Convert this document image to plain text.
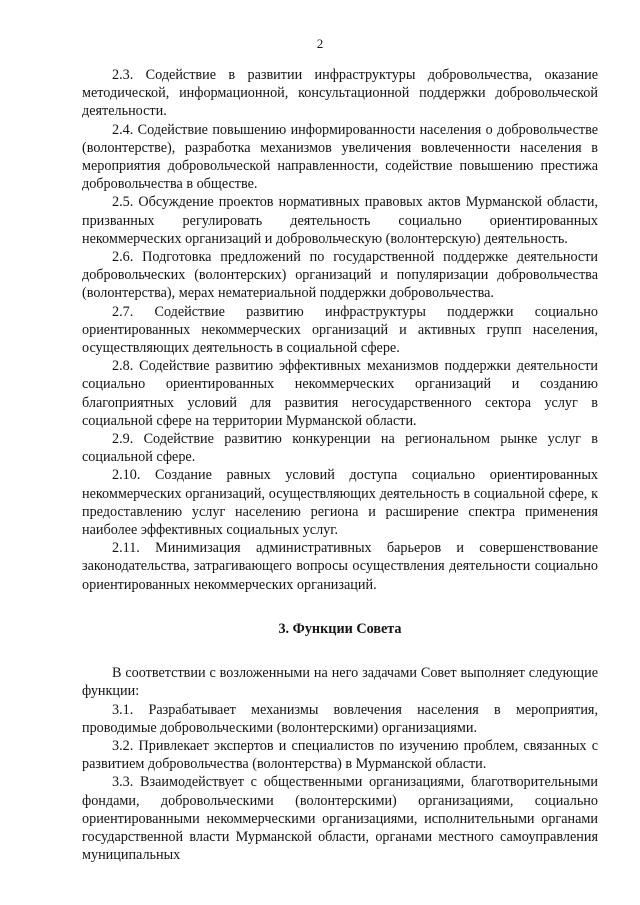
2

2.3. Содействие в развитии инфраструктуры добровольчества, оказание методической, информационной, консультационной поддержки добровольческой деятельности.

2.4. Содействие повышению информированности населения о добровольчестве (волонтерстве), разработка механизмов увеличения вовлеченности населения в мероприятия добровольческой направленности, содействие повышению престижа добровольчества в обществе.

2.5. Обсуждение проектов нормативных правовых актов Мурманской области, призванных регулировать деятельность социально ориентированных некоммерческих организаций и добровольческую (волонтерскую) деятельность.

2.6. Подготовка предложений по государственной поддержке деятельности добровольческих (волонтерских) организаций и популяризации добровольчества (волонтерства), мерах нематериальной поддержки добровольчества.

2.7. Содействие развитию инфраструктуры поддержки социально ориентированных некоммерческих организаций и активных групп населения, осуществляющих деятельность в социальной сфере.

2.8. Содействие развитию эффективных механизмов поддержки деятельности социально ориентированных некоммерческих организаций и созданию благоприятных условий для развития негосударственного сектора услуг в социальной сфере на территории Мурманской области.

2.9. Содействие развитию конкуренции на региональном рынке услуг в социальной сфере.

2.10. Создание равных условий доступа социально ориентированных некоммерческих организаций, осуществляющих деятельность в социальной сфере, к предоставлению услуг населению региона и расширение спектра применения наиболее эффективных социальных услуг.

2.11. Минимизация административных барьеров и совершенствование законодательства, затрагивающего вопросы осуществления деятельности социально ориентированных некоммерческих организаций.

3. Функции Совета

В соответствии с возложенными на него задачами Совет выполняет следующие функции:

3.1. Разрабатывает механизмы вовлечения населения в мероприятия, проводимые добровольческими (волонтерскими) организациями.

3.2. Привлекает экспертов и специалистов по изучению проблем, связанных с развитием добровольчества (волонтерства) в Мурманской области.

3.3. Взаимодействует с общественными организациями, благотворительными фондами, добровольческими (волонтерскими) организациями, социально ориентированными некоммерческими организациями, исполнительными органами государственной власти Мурманской области, органами местного самоуправления муниципальных
